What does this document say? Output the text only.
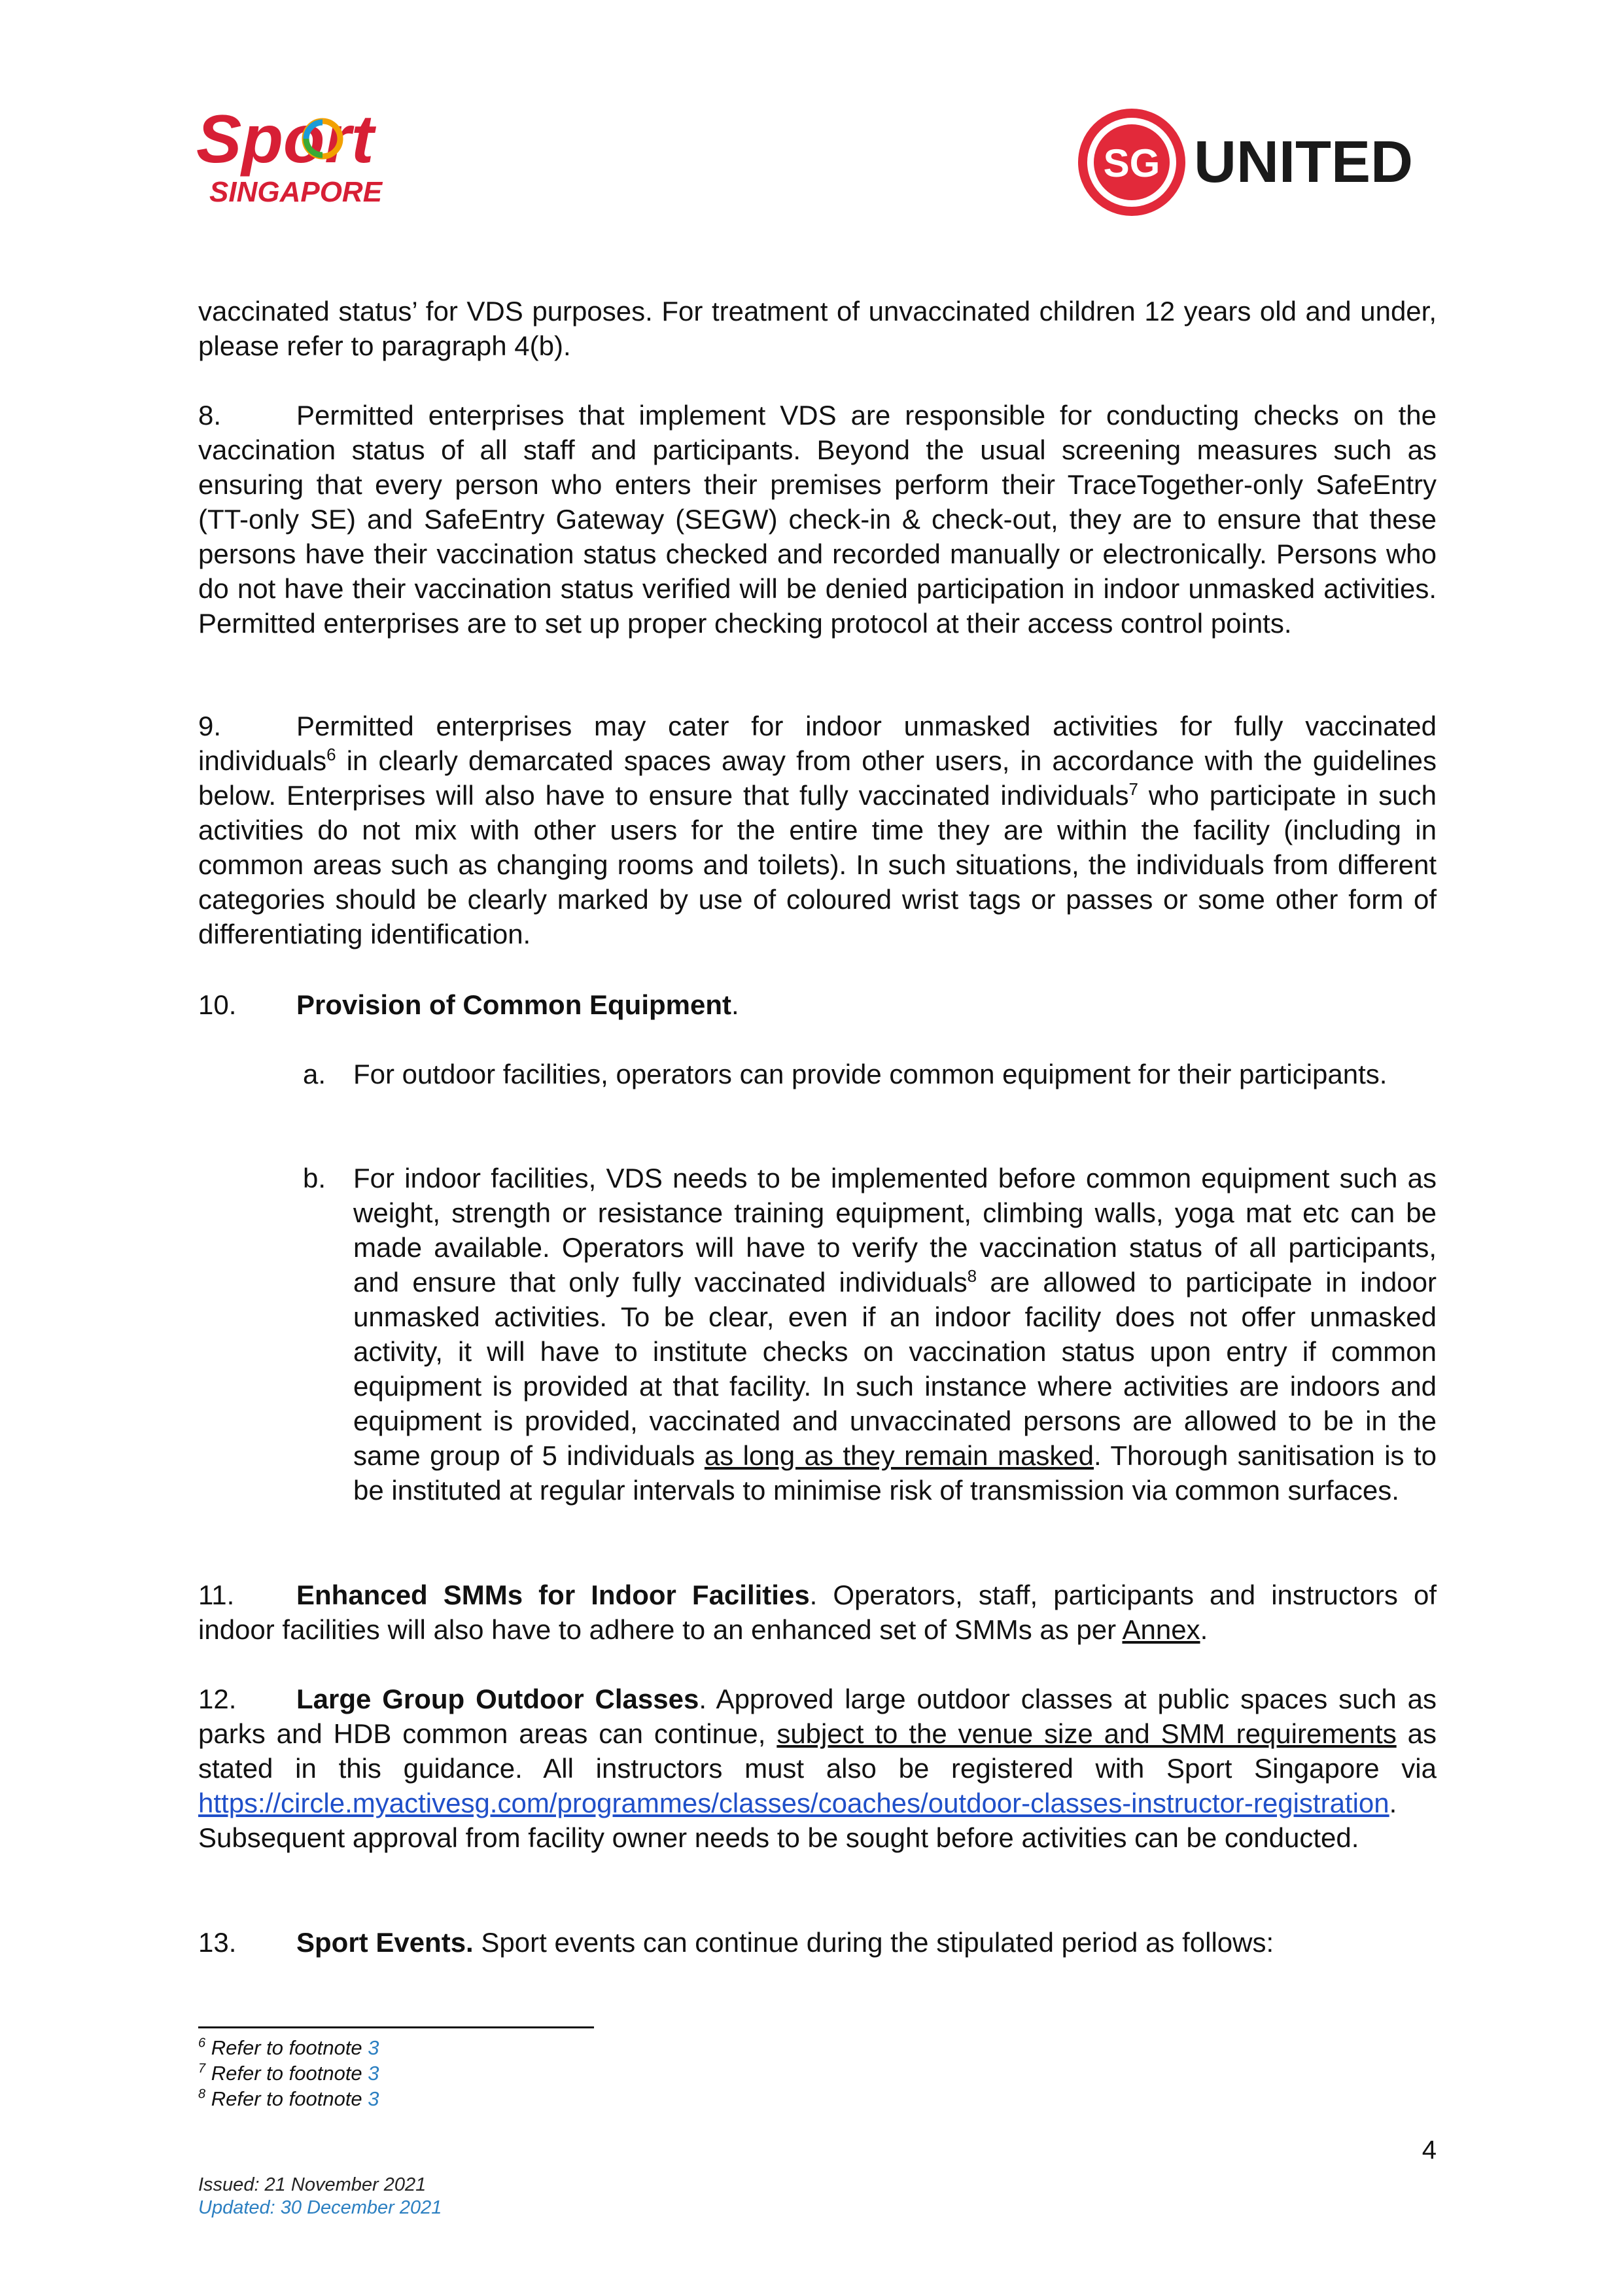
Sport
SINGAPORE
SG UNITED

vaccinated status’ for VDS purposes. For treatment of unvaccinated children 12 years old and under, please refer to paragraph 4(b).

8.	Permitted enterprises that implement VDS are responsible for conducting checks on the vaccination status of all staff and participants. Beyond the usual screening measures such as ensuring that every person who enters their premises perform their TraceTogether-only SafeEntry (TT-only SE) and SafeEntry Gateway (SEGW) check-in & check-out, they are to ensure that these persons have their vaccination status checked and recorded manually or electronically. Persons who do not have their vaccination status verified will be denied participation in indoor unmasked activities. Permitted enterprises are to set up proper checking protocol at their access control points.

9.	Permitted enterprises may cater for indoor unmasked activities for fully vaccinated individuals$^6$ in clearly demarcated spaces away from other users, in accordance with the guidelines below. Enterprises will also have to ensure that fully vaccinated individuals$^7$ who participate in such activities do not mix with other users for the entire time they are within the facility (including in common areas such as changing rooms and toilets). In such situations, the individuals from different categories should be clearly marked by use of coloured wrist tags or passes or some other form of differentiating identification.

10. Provision of Common Equipment.

a. For outdoor facilities, operators can provide common equipment for their participants.
b. For indoor facilities, VDS needs to be implemented before common equipment such as weight, strength or resistance training equipment, climbing walls, yoga mat etc can be made available. Operators will have to verify the vaccination status of all participants, and ensure that only fully vaccinated individuals$^8$ are allowed to participate in indoor unmasked activities. To be clear, even if an indoor facility does not offer unmasked activity, it will have to institute checks on vaccination status upon entry if common equipment is provided at that facility. In such instance where activities are indoors and equipment is provided, vaccinated and unvaccinated persons are allowed to be in the same group of 5 individuals as long as they remain masked. Thorough sanitisation is to be instituted at regular intervals to minimise risk of transmission via common surfaces.

11. Enhanced SMMs for Indoor Facilities. Operators, staff, participants and instructors of indoor facilities will also have to adhere to an enhanced set of SMMs as per Annex.

12. Large Group Outdoor Classes. Approved large outdoor classes at public spaces such as parks and HDB common areas can continue, subject to the venue size and SMM requirements as stated in this guidance. All instructors must also be registered with Sport Singapore via https://circle.myactivesg.com/programmes/classes/coaches/outdoor-classes-instructor-registration. Subsequent approval from facility owner needs to be sought before activities can be conducted.

13. Sport Events. Sport events can continue during the stipulated period as follows:

$^6$ Refer to footnote 3
$^7$ Refer to footnote 3
$^8$ Refer to footnote 3
4
Issued: 21 November 2021
Updated: 30 December 2021
